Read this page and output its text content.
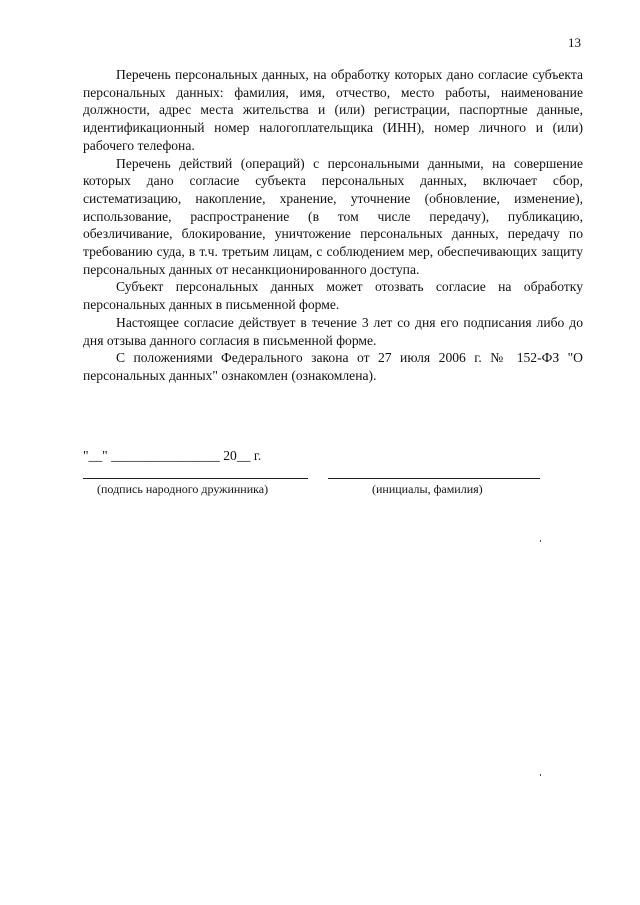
13

Перечень персональных данных, на обработку которых дано согласие субъекта персональных данных: фамилия, имя, отчество, место работы, наименование должности, адрес места жительства и (или) регистрации, паспортные данные, идентификационный номер налогоплательщика (ИНН), номер личного и (или) рабочего телефона.

Перечень действий (операций) с персональными данными, на совершение которых дано согласие субъекта персональных данных, включает сбор, систематизацию, накопление, хранение, уточнение (обновление, изменение), использование, распространение (в том числе передачу), публикацию, обезличивание, блокирование, уничтожение персональных данных, передачу по требованию суда, в т.ч. третьим лицам, с соблюдением мер, обеспечивающих защиту персональных данных от несанкционированного доступа.

Субъект персональных данных может отозвать согласие на обработку персональных данных в письменной форме.

Настоящее согласие действует в течение 3 лет со дня его подписания либо до дня отзыва данного согласия в письменной форме.

С положениями Федерального закона от 27 июля 2006 г. № 152-ФЗ "О персональных данных" ознакомлен (ознакомлена).

"__" ________________ 20__ г.
(подпись народного дружинника)	(инициалы, фамилия)
